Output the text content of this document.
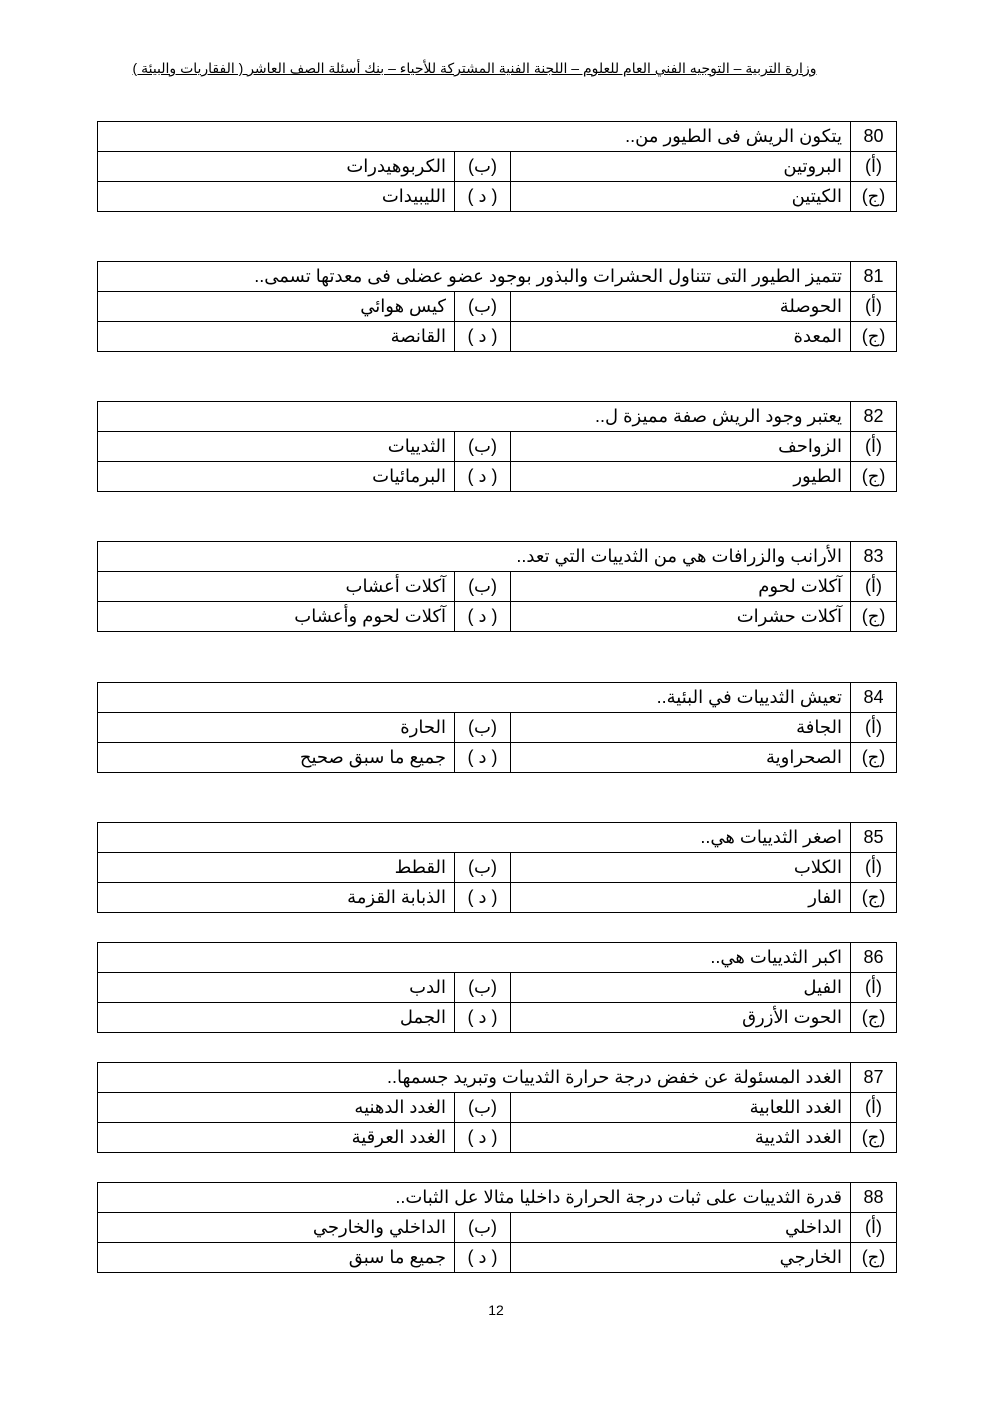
وزارة التربية – التوجيه الفني العام للعلوم – اللجنة الفنية المشتركة للأحياء – بنك أسئلة الصف العاشر ( الفقاريات والبيئة )
80	يتكون الريش فى الطيور من..		
(أ)	البروتين	(ب)	الكربوهيدرات
(ج)	الكيتين	( د )	الليبيدات
81	تتميز الطيور التى تتناول الحشرات والبذور بوجود عضو عضلى فى معدتها تسمى..		
(أ)	الحوصلة	(ب)	كيس هوائي
(ج)	المعدة	( د )	القانصة
82	يعتبر وجود الريش صفة مميزة ل..		
(أ)	الزواحف	(ب)	الثدييات
(ج)	الطيور	( د )	البرمائيات
83	الأرانب والزرافات هي من الثدييات التي تعد..		
(أ)	آكلات لحوم	(ب)	آكلات أعشاب
(ج)	آكلات حشرات	( د )	آكلات لحوم وأعشاب
84	تعيش الثدييات في البئية..		
(أ)	الجافة	(ب)	الحارة
(ج)	الصحراوية	( د )	جميع ما سبق صحيح
85	اصغر الثدييات هي..		
(أ)	الكلاب	(ب)	القطط
(ج)	الفار	( د )	الذبابة القزمة
86	اكبر الثدييات هي..		
(أ)	الفيل	(ب)	الدب
(ج)	الحوت الأزرق	( د )	الجمل
87	الغدد المسئولة عن خفض درجة حرارة الثدييات وتبريد جسمها..		
(أ)	الغدد اللعابية	(ب)	الغدد الدهنيه
(ج)	الغدد الثديية	( د )	الغدد العرقية
88	قدرة الثدييات على ثبات درجة الحرارة داخليا مثالا عل الثبات..		
(أ)	الداخلي	(ب)	الداخلي والخارجي
(ج)	الخارجي	( د )	جميع ما سبق
12
